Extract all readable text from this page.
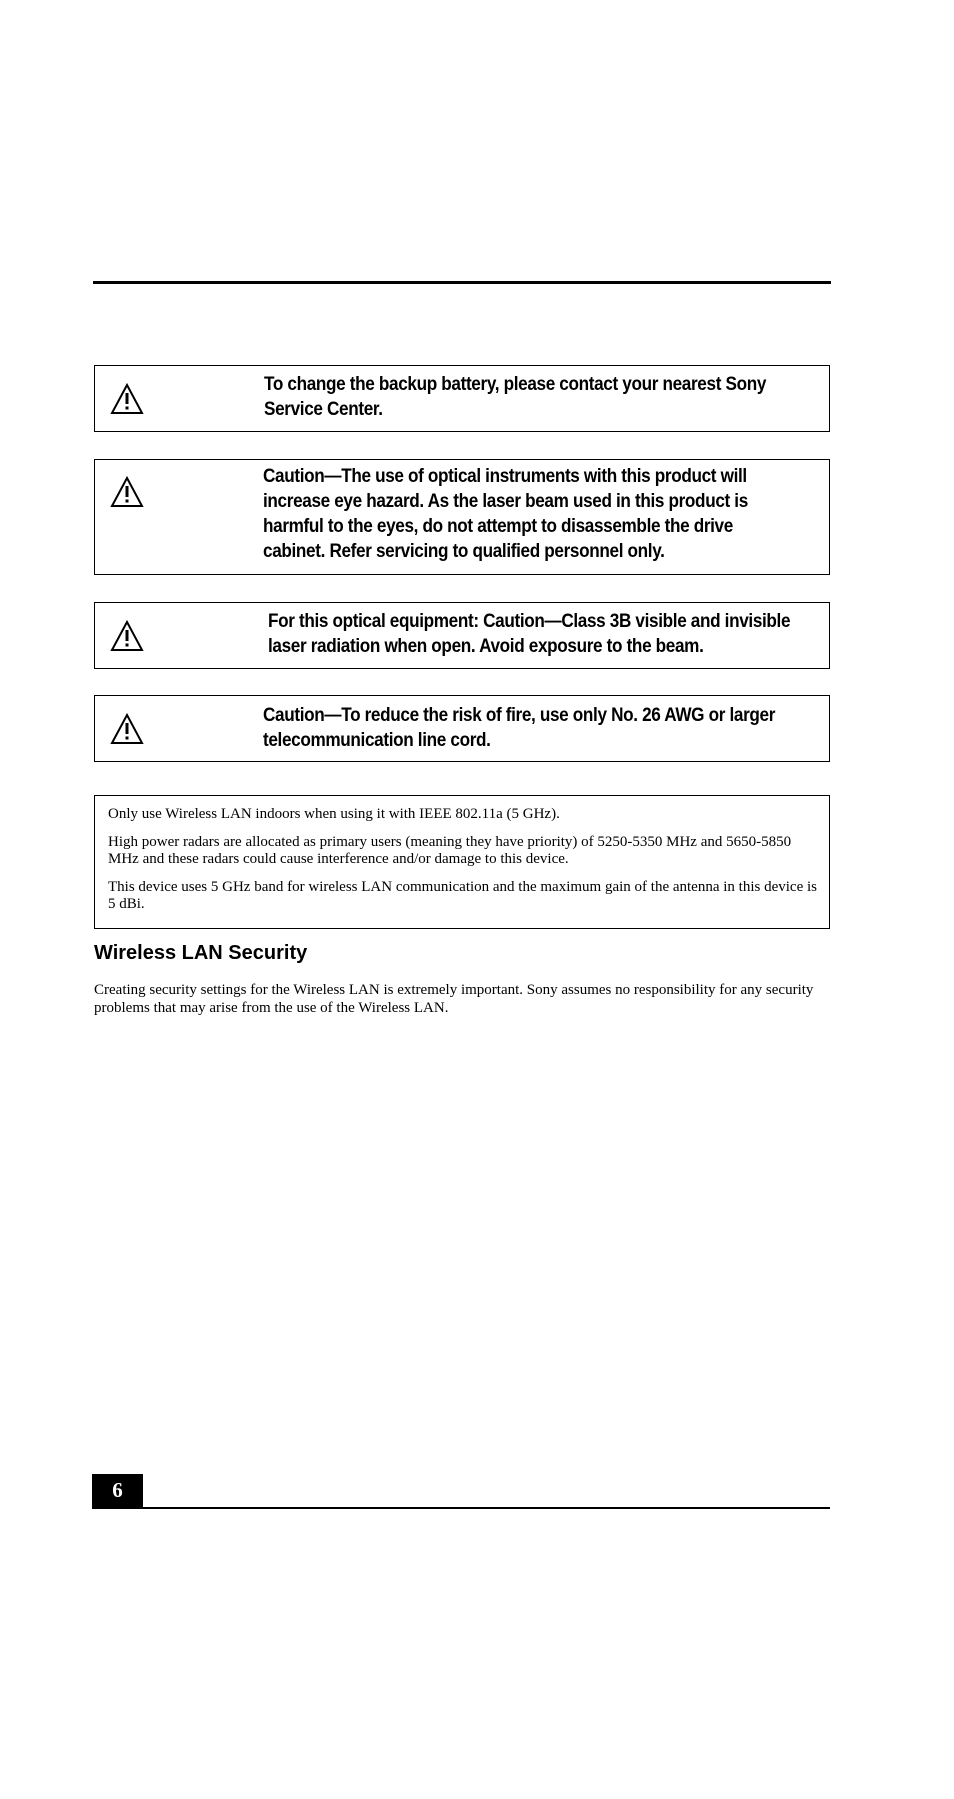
To change the backup battery, please contact your nearest Sony
Service Center.
Caution—The use of optical instruments with this product will
increase eye hazard. As the laser beam used in this product is
harmful to the eyes, do not attempt to disassemble the drive
cabinet. Refer servicing to qualified personnel only.
For this optical equipment: Caution—Class 3B visible and invisible
laser radiation when open. Avoid exposure to the beam.
Caution—To reduce the risk of fire, use only No. 26 AWG or larger
telecommunication line cord.

Only use Wireless LAN indoors when using it with IEEE 802.11a (5 GHz).

High power radars are allocated as primary users (meaning they have priority) of 5250-5350 MHz and 5650-5850 MHz and these radars could cause interference and/or damage to this device.

This device uses 5 GHz band for wireless LAN communication and the maximum gain of the antenna in this device is 5 dBi.

Wireless LAN Security
Creating security settings for the Wireless LAN is extremely important. Sony assumes no responsibility for any security problems that may arise from the use of the Wireless LAN.
6
